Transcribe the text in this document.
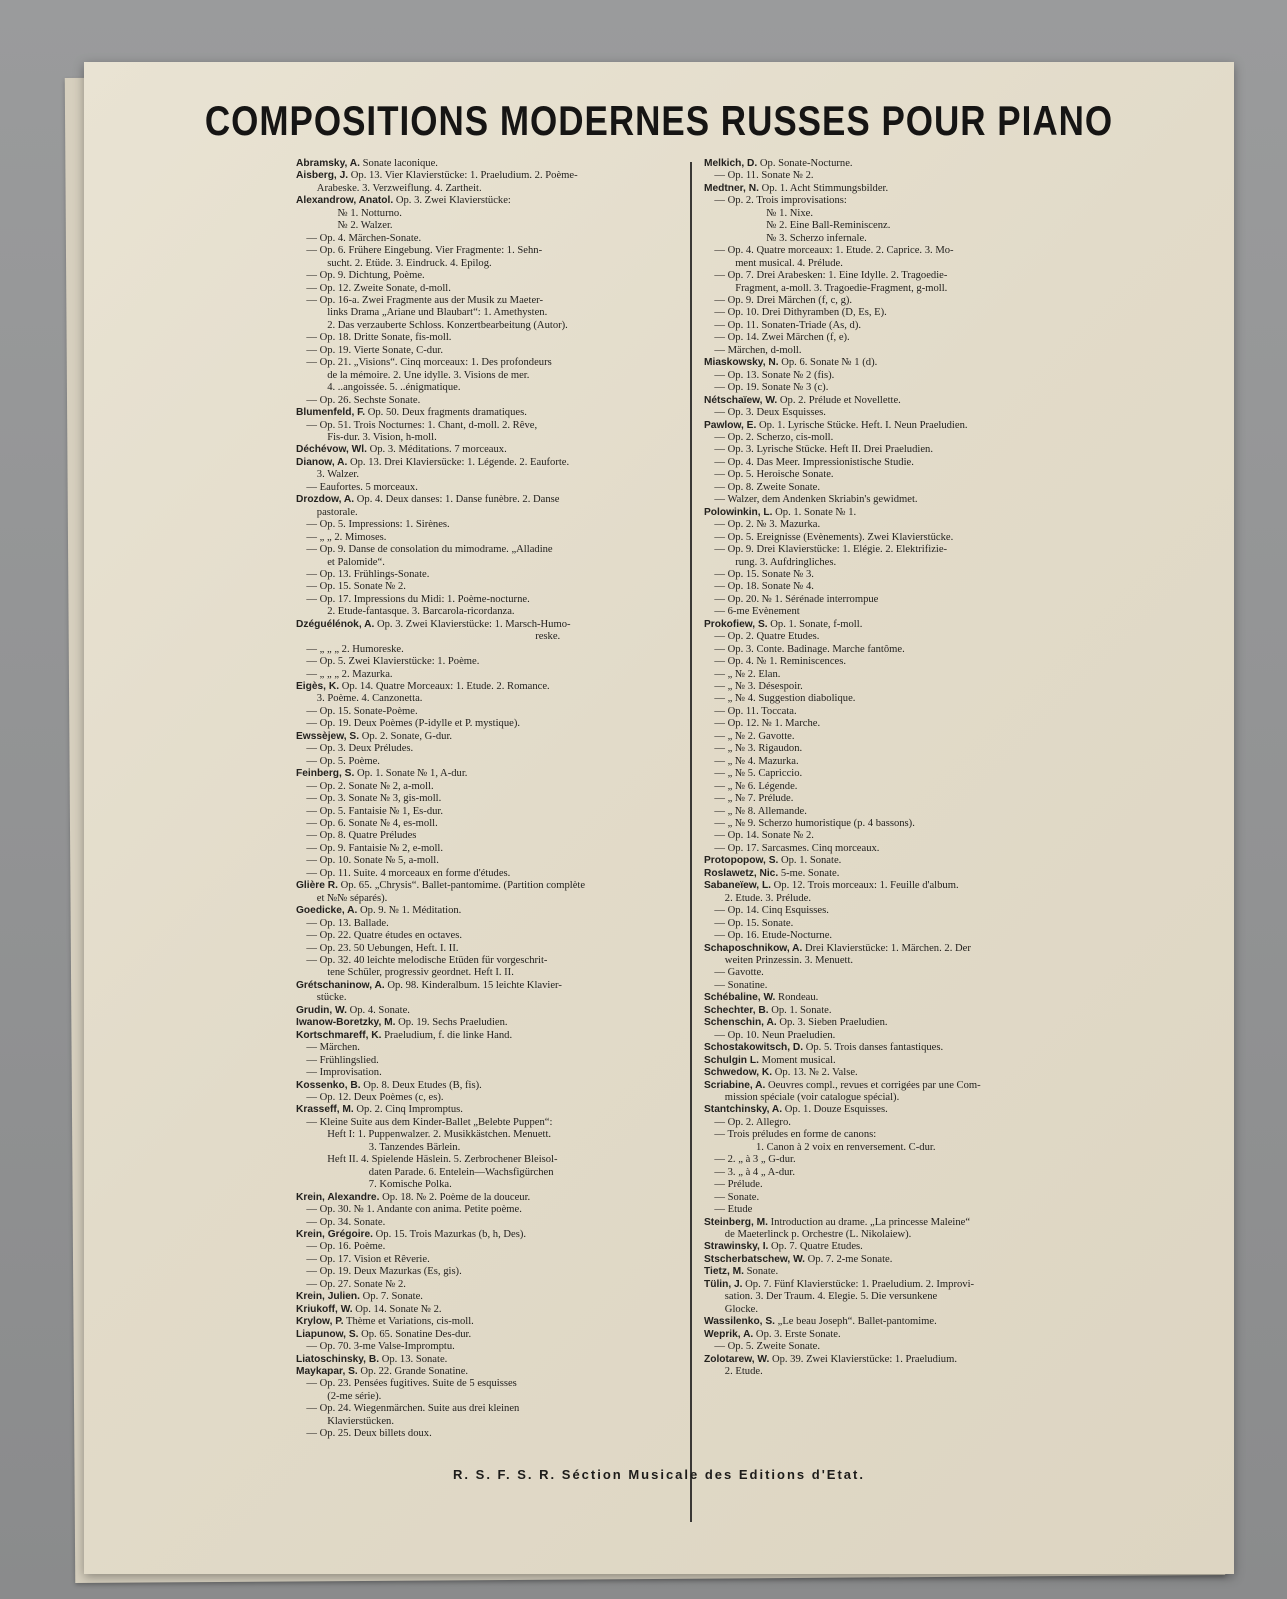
COMPOSITIONS MODERNES RUSSES POUR PIANO
Abramsky, A. Sonate laconique.
Aisberg, J. Op. 13. Vier Klavierstücke: 1. Praeludium. 2. Poème-
Arabeske. 3. Verzweiflung. 4. Zartheit.
Alexandrow, Anatol. Op. 3. Zwei Klavierstücke:
№ 1. Notturno.
№ 2. Walzer.
— Op. 4. Märchen-Sonate.
— Op. 6. Frühere Eingebung. Vier Fragmente: 1. Sehn-
sucht. 2. Etüde. 3. Eindruck. 4. Epilog.
— Op. 9. Dichtung, Poème.
— Op. 12. Zweite Sonate, d-moll.
— Op. 16-a. Zwei Fragmente aus der Musik zu Maeter-
links Drama „Ariane und Blaubart“: 1. Amethysten.
2. Das verzauberte Schloss. Konzertbearbeitung (Autor).
— Op. 18. Dritte Sonate, fis-moll.
— Op. 19. Vierte Sonate, C-dur.
— Op. 21. „Visions“. Cinq morceaux: 1. Des profondeurs
de la mémoire. 2. Une idylle. 3. Visions de mer.
4. ..angoissée. 5. ..énigmatique.
— Op. 26. Sechste Sonate.
Blumenfeld, F. Op. 50. Deux fragments dramatiques.
— Op. 51. Trois Nocturnes: 1. Chant, d-moll. 2. Rêve,
Fis-dur. 3. Vision, h-moll.
Déchévow, Wl. Op. 3. Méditations. 7 morceaux.
Dianow, A. Op. 13. Drei Klaviersücke: 1. Légende. 2. Eauforte.
3. Walzer.
— Eaufortes. 5 morceaux.
Drozdow, A. Op. 4. Deux danses: 1. Danse funèbre. 2. Danse
pastorale.
— Op. 5. Impressions: 1. Sirènes.
— „ „ 2. Mimoses.
— Op. 9. Danse de consolation du mimodrame. „Alladine
et Palomide“.
— Op. 13. Frühlings-Sonate.
— Op. 15. Sonate № 2.
— Op. 17. Impressions du Midi: 1. Poème-nocturne.
2. Etude-fantasque. 3. Barcarola-ricordanza.
Dzéguélénok, A. Op. 3. Zwei Klavierstücke: 1. Marsch-Humo-
reske.
— „ „ „ 2. Humoreske.
— Op. 5. Zwei Klavierstücke: 1. Poème.
— „ „ „ 2. Mazurka.
Eigès, K. Op. 14. Quatre Morceaux: 1. Etude. 2. Romance.
3. Poème. 4. Canzonetta.
— Op. 15. Sonate-Poème.
— Op. 19. Deux Poèmes (P-idylle et P. mystique).
Ewssèjew, S. Op. 2. Sonate, G-dur.
— Op. 3. Deux Préludes.
— Op. 5. Poème.
Feinberg, S. Op. 1. Sonate № 1, A-dur.
— Op. 2. Sonate № 2, a-moll.
— Op. 3. Sonate № 3, gis-moll.
— Op. 5. Fantaisie № 1, Es-dur.
— Op. 6. Sonate № 4, es-moll.
— Op. 8. Quatre Préludes
— Op. 9. Fantaisie № 2, e-moll.
— Op. 10. Sonate № 5, a-moll.
— Op. 11. Suite. 4 morceaux en forme d'études.
Glière R. Op. 65. „Chrysis“. Ballet-pantomime. (Partition complète
et №№ séparés).
Goedicke, A. Op. 9. № 1. Méditation.
— Op. 13. Ballade.
— Op. 22. Quatre études en octaves.
— Op. 23. 50 Uebungen, Heft. I. II.
— Op. 32. 40 leichte melodische Etüden für vorgeschrit-
tene Schüler, progressiv geordnet. Heft I. II.
Grétschaninow, A. Op. 98. Kinderalbum. 15 leichte Klavier-
stücke.
Grudin, W. Op. 4. Sonate.
Iwanow-Boretzky, M. Op. 19. Sechs Praeludien.
Kortschmareff, K. Praeludium, f. die linke Hand.
— Märchen.
— Frühlingslied.
— Improvisation.
Kossenko, B. Op. 8. Deux Etudes (B, fis).
— Op. 12. Deux Poèmes (c, es).
Krasseff, M. Op. 2. Cinq Impromptus.
— Kleine Suite aus dem Kinder-Ballet „Belebte Puppen“:
Heft I: 1. Puppenwalzer. 2. Musikkästchen. Menuett.
3. Tanzendes Bärlein.
Heft II. 4. Spielende Häslein. 5. Zerbrochener Bleisol-
daten Parade. 6. Entelein—Wachsfigürchen
7. Komische Polka.
Krein, Alexandre. Op. 18. № 2. Poème de la douceur.
— Op. 30. № 1. Andante con anima. Petite poème.
— Op. 34. Sonate.
Krein, Grégoire. Op. 15. Trois Mazurkas (b, h, Des).
— Op. 16. Poème.
— Op. 17. Vision et Rêverie.
— Op. 19. Deux Mazurkas (Es, gis).
— Op. 27. Sonate № 2.
Krein, Julien. Op. 7. Sonate.
Kriukoff, W. Op. 14. Sonate № 2.
Krylow, P. Thème et Variations, cis-moll.
Liapunow, S. Op. 65. Sonatine Des-dur.
— Op. 70. 3-me Valse-Impromptu.
Liatoschinsky, B. Op. 13. Sonate.
Maykapar, S. Op. 22. Grande Sonatine.
— Op. 23. Pensées fugitives. Suite de 5 esquisses
(2-me série).
— Op. 24. Wiegenmärchen. Suite aus drei kleinen
Klavierstücken.
— Op. 25. Deux billets doux.
Melkich, D. Op. Sonate-Nocturne.
— Op. 11. Sonate № 2.
Medtner, N. Op. 1. Acht Stimmungsbilder.
— Op. 2. Trois improvisations:
№ 1. Nixe.
№ 2. Eine Ball-Reminiscenz.
№ 3. Scherzo infernale.
— Op. 4. Quatre morceaux: 1. Etude. 2. Caprice. 3. Mo-
ment musical. 4. Prélude.
— Op. 7. Drei Arabesken: 1. Eine Idylle. 2. Tragoedie-
Fragment, a-moll. 3. Tragoedie-Fragment, g-moll.
— Op. 9. Drei Märchen (f, c, g).
— Op. 10. Drei Dithyramben (D, Es, E).
— Op. 11. Sonaten-Triade (As, d).
— Op. 14. Zwei Märchen (f, e).
— Märchen, d-moll.
Miaskowsky, N. Op. 6. Sonate № 1 (d).
— Op. 13. Sonate № 2 (fis).
— Op. 19. Sonate № 3 (c).
Nétschaïew, W. Op. 2. Prélude et Novellette.
— Op. 3. Deux Esquisses.
Pawlow, E. Op. 1. Lyrische Stücke. Heft. I. Neun Praeludien.
— Op. 2. Scherzo, cis-moll.
— Op. 3. Lyrische Stücke. Heft II. Drei Praeludien.
— Op. 4. Das Meer. Impressionistische Studie.
— Op. 5. Heroische Sonate.
— Op. 8. Zweite Sonate.
— Walzer, dem Andenken Skriabin's gewidmet.
Polowinkin, L. Op. 1. Sonate № 1.
— Op. 2. № 3. Mazurka.
— Op. 5. Ereignisse (Evènements). Zwei Klavierstücke.
— Op. 9. Drei Klavierstücke: 1. Elégie. 2. Elektrifizie-
rung. 3. Aufdringliches.
— Op. 15. Sonate № 3.
— Op. 18. Sonate № 4.
— Op. 20. № 1. Sérénade interrompue
— 6-me Evènement
Prokofiew, S. Op. 1. Sonate, f-moll.
— Op. 2. Quatre Etudes.
— Op. 3. Conte. Badinage. Marche fantôme.
— Op. 4. № 1. Reminiscences.
— „ № 2. Elan.
— „ № 3. Désespoir.
— „ № 4. Suggestion diabolique.
— Op. 11. Toccata.
— Op. 12. № 1. Marche.
— „ № 2. Gavotte.
— „ № 3. Rigaudon.
— „ № 4. Mazurka.
— „ № 5. Capriccio.
— „ № 6. Légende.
— „ № 7. Prélude.
— „ № 8. Allemande.
— „ № 9. Scherzo humoristique (p. 4 bassons).
— Op. 14. Sonate № 2.
— Op. 17. Sarcasmes. Cinq morceaux.
Protopopow, S. Op. 1. Sonate.
Roslawetz, Nic. 5-me. Sonate.
Sabaneïew, L. Op. 12. Trois morceaux: 1. Feuille d'album.
2. Etude. 3. Prélude.
— Op. 14. Cinq Esquisses.
— Op. 15. Sonate.
— Op. 16. Etude-Nocturne.
Schaposchnikow, A. Drei Klavierstücke: 1. Märchen. 2. Der
weiten Prinzessin. 3. Menuett.
— Gavotte.
— Sonatine.
Schébaline, W. Rondeau.
Schechter, B. Op. 1. Sonate.
Schenschin, A. Op. 3. Sieben Praeludien.
— Op. 10. Neun Praeludien.
Schostakowitsch, D. Op. 5. Trois danses fantastiques.
Schulgin L. Moment musical.
Schwedow, K. Op. 13. № 2. Valse.
Scriabine, A. Oeuvres compl., revues et corrigées par une Com-
mission spéciale (voir catalogue spécial).
Stantchinsky, A. Op. 1. Douze Esquisses.
— Op. 2. Allegro.
— Trois préludes en forme de canons:
1. Canon à 2 voix en renversement. C-dur.
— 2. „ à 3 „ G-dur.
— 3. „ à 4 „ A-dur.
— Prélude.
— Sonate.
— Etude
Steinberg, M. Introduction au drame. „La princesse Maleine“
de Maeterlinck p. Orchestre (L. Nikolaiew).
Strawinsky, I. Op. 7. Quatre Etudes.
Stscherbatschew, W. Op. 7. 2-me Sonate.
Tietz, M. Sonate.
Tülin, J. Op. 7. Fünf Klavierstücke: 1. Praeludium. 2. Improvi-
sation. 3. Der Traum. 4. Elegie. 5. Die versunkene
Glocke.
Wassilenko, S. „Le beau Joseph“. Ballet-pantomime.
Weprik, A. Op. 3. Erste Sonate.
— Op. 5. Zweite Sonate.
Zolotarew, W. Op. 39. Zwei Klavierstücke: 1. Praeludium.
2. Etude.
R. S. F. S. R. Séction Musicale des Editions d'Etat.
